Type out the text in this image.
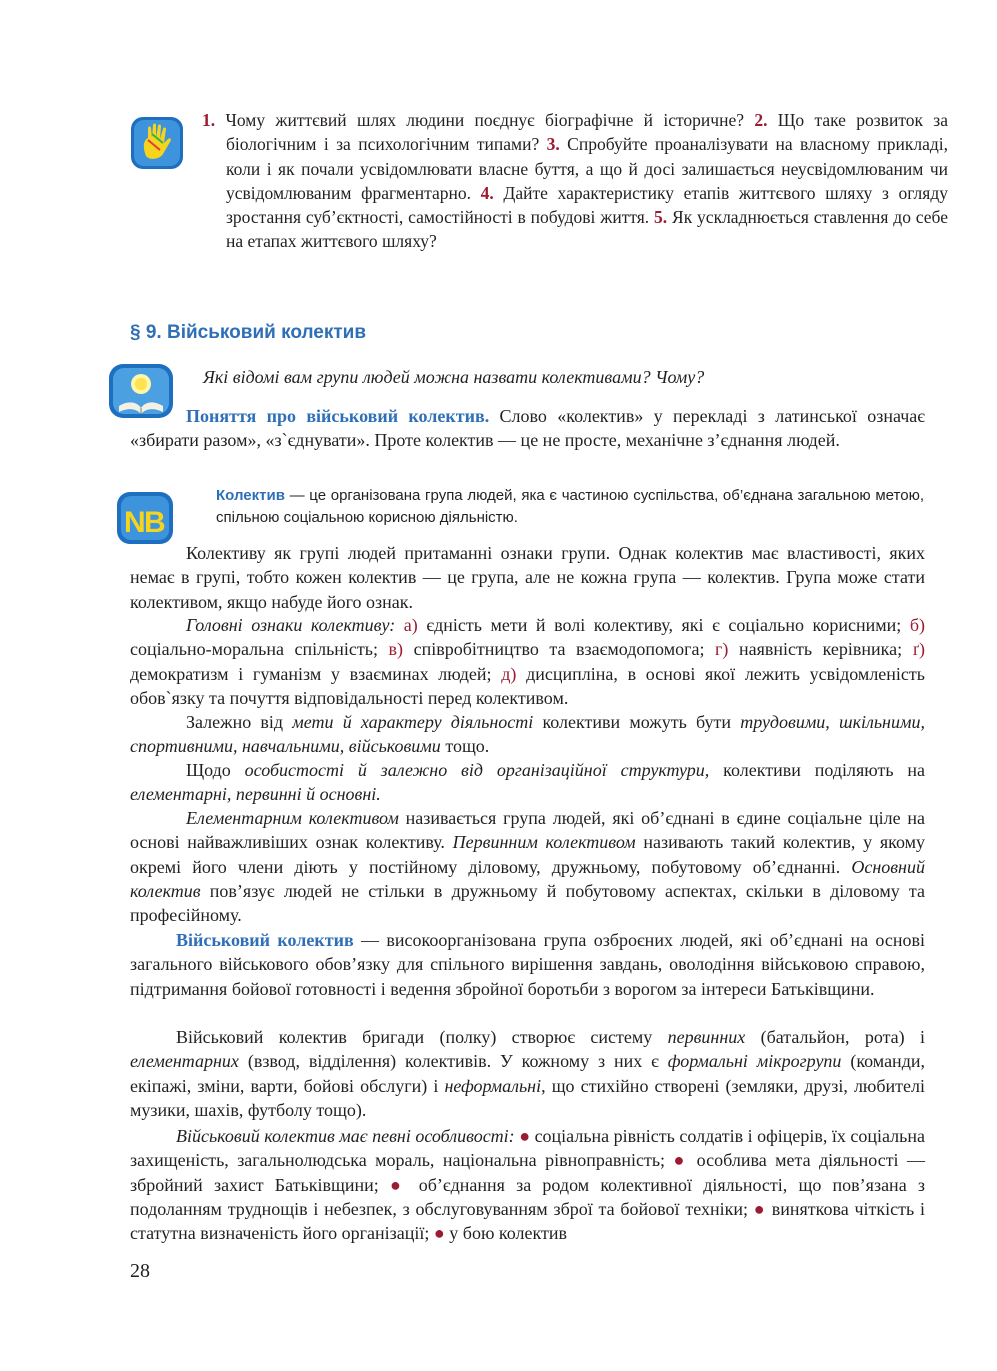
1. Чому життєвий шлях людини поєднує біографічне й історичне? 2. Що таке розвиток за біологічним і за психологічним типами? 3. Спробуйте проаналізувати на власному прикладі, коли і як почали усвідомлювати власне буття, а що й досі залишається неусвідомлюваним чи усвідомлюваним фрагментарно. 4. Дайте характеристику етапів життєвого шляху з огляду зростання суб’єктності, самостійності в побудові життя. 5. Як ускладнюється ставлення до себе на етапах життєвого шляху?
§ 9. Військовий колектив
Які відомі вам групи людей можна назвати колективами? Чому?
Поняття про військовий колектив. Слово «колектив» у перекладі з латинської означає «збирати разом», «з`єднувати». Проте колектив — це не просте, механічне з’єднання людей.
N
B
Колектив — це організована група людей, яка є частиною суспільства, об’єднана загальною метою, спільною соціальною корисною діяльністю.
Колективу як групі людей притаманні ознаки групи. Однак колектив має властивості, яких немає в групі, тобто кожен колектив — це група, але не кожна група — колектив. Група може стати колективом, якщо набуде його ознак.
Головні ознаки колективу: а) єдність мети й волі колективу, які є соціально корисними; б) соціально-моральна спільність; в) співробітництво та взаємодопомога; г) наявність керівника; ґ) демократизм і гуманізм у взаєминах людей; д) дисципліна, в основі якої лежить усвідомленість обов`язку та почуття відповідальності перед колективом.
Залежно від мети й характеру діяльності колективи можуть бути трудовими, шкільними, спортивними, навчальними, військовими тощо.
Щодо особистості й залежно від організаційної структури, колективи поділяють на елементарні, первинні й основні.
Елементарним колективом називається група людей, які об’єднані в єдине соціальне ціле на основі найважливіших ознак колективу. Первинним колективом називають такий колектив, у якому окремі його члени діють у постійному діловому, дружньому, побутовому об’єднанні. Основний колектив пов’язує людей не стільки в дружньому й побутовому аспектах, скільки в діловому та професійному.
Військовий колектив — високоорганізована група озброєних людей, які об’єднані на основі загального військового обов’язку для спільного вирішення завдань, оволодіння військовою справою, підтримання бойової готовності і ведення збройної боротьби з ворогом за інтереси Батьківщини.
Військовий колектив бригади (полку) створює систему первинних (батальйон, рота) і елементарних (взвод, відділення) колективів. У кожному з них є формальні мікрогрупи (команди, екіпажі, зміни, варти, бойові обслуги) і неформальні, що стихійно створені (земляки, друзі, любителі музики, шахів, футболу тощо).
Військовий колектив має певні особливості: ● соціальна рівність солдатів і офіцерів, їх соціальна захищеність, загальнолюдська мораль, національна рівноправність; ● особлива мета діяльності — збройний захист Батьківщини; ● об’єднання за родом колективної діяльності, що пов’язана з подоланням труднощів і небезпек, з обслуговуванням зброї та бойової техніки; ● виняткова чіткість і статутна визначеність його організації; ● у бою колектив
28
